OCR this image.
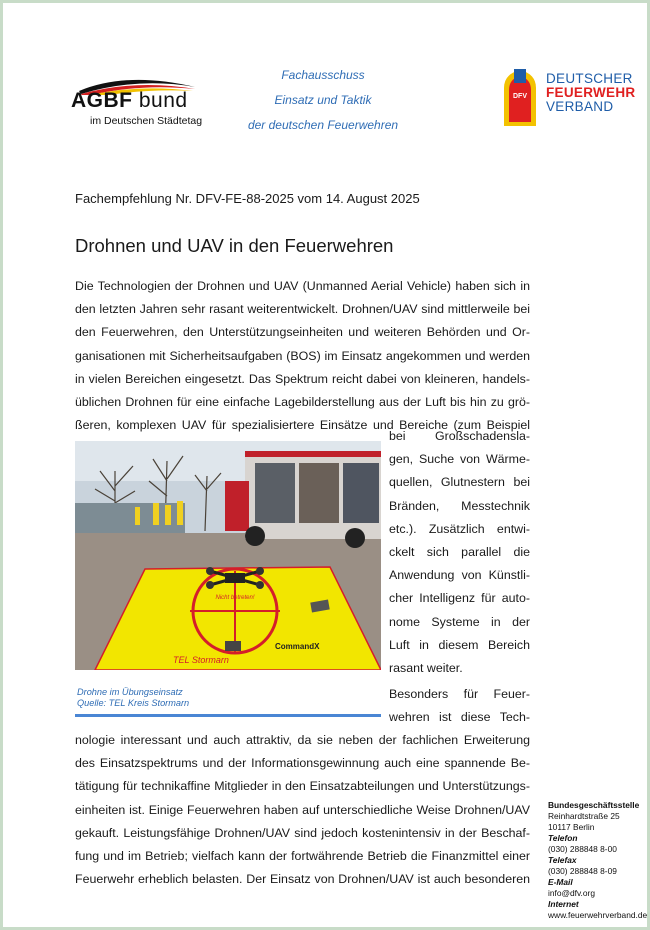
AGBF bund
im Deutschen Städtetag
Fachausschuss
Einsatz und Taktik
der deutschen Feuerwehren
DFV
DEUTSCHER
FEUERWEHR
VERBAND
Fachempfehlung Nr. DFV-FE-88-2025 vom 14. August 2025
Drohnen und UAV in den Feuerwehren
Die Technologien der Drohnen und UAV (Unmanned Aerial Vehicle) haben sich in
den letzten Jahren sehr rasant weiterentwickelt. Drohnen/UAV sind mittlerweile bei
den Feuerwehren, den Unterstützungseinheiten und weiteren Behörden und Or-
ganisationen mit Sicherheitsaufgaben (BOS) im Einsatz angekommen und werden
in vielen Bereichen eingesetzt. Das Spektrum reicht dabei von kleineren, handels-
üblichen Drohnen für eine einfache Lagebilderstellung aus der Luft bis hin zu grö-
ßeren, komplexen UAV für spezialisiertere Einsätze und Bereiche (zum Beispiel
bei Großschadensla-
gen, Suche von Wärme-
quellen, Glutnestern bei
Bränden, Messtechnik
etc.). Zusätzlich entwi-
ckelt sich parallel die
Anwendung von Künstli-
cher Intelligenz für auto-
nome Systeme in der
Luft in diesem Bereich
rasant weiter.
Besonders für Feuer-
wehren ist diese Tech-
Nicht betreten!
TEL Stormarn
CommandX
Drohne im Übungseinsatz
Quelle: TEL Kreis Stormarn
nologie interessant und auch attraktiv, da sie neben der fachlichen Erweiterung
des Einsatzspektrums und der Informationsgewinnung auch eine spannende Be-
tätigung für technikaffine Mitglieder in den Einsatzabteilungen und Unterstützungs-
einheiten ist. Einige Feuerwehren haben auf unterschiedliche Weise Drohnen/UAV
gekauft. Leistungsfähige Drohnen/UAV sind jedoch kostenintensiv in der Beschaf-
fung und im Betrieb; vielfach kann der fortwährende Betrieb die Finanzmittel einer
Feuerwehr erheblich belasten. Der Einsatz von Drohnen/UAV ist auch besonderen
Bundesgeschäftsstelle
Reinhardtstraße 25
10117 Berlin
Telefon
(030) 288848 8-00
Telefax
(030) 288848 8-09
E-Mail
info@dfv.org
Internet
www.feuerwehrverband.de
